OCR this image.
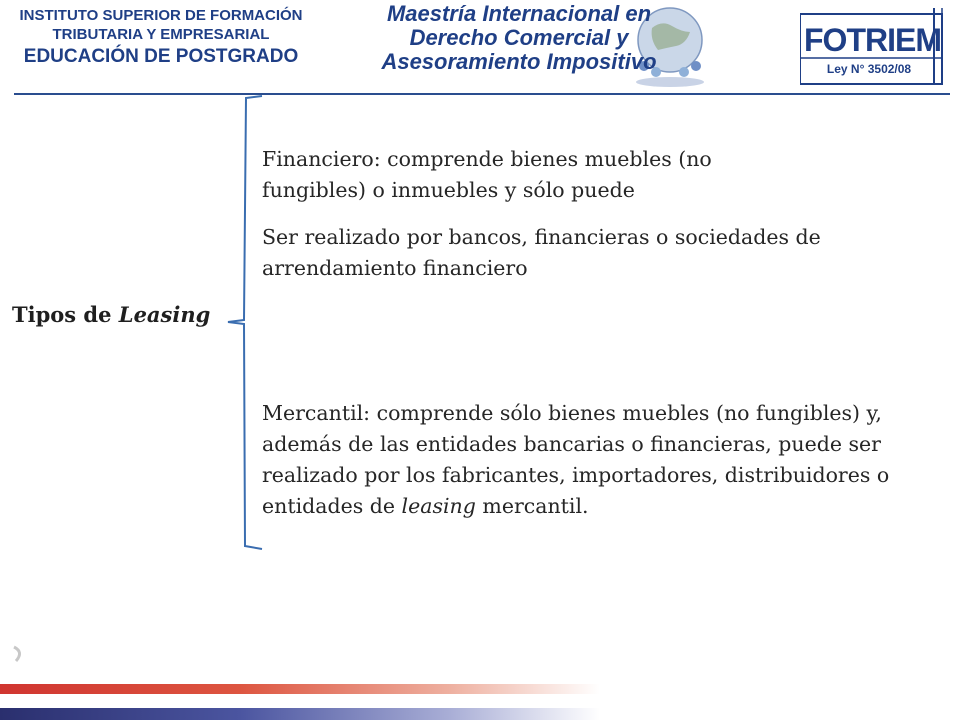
INSTITUTO SUPERIOR DE FORMACIÓN
TRIBUTARIA Y EMPRESARIAL
EDUCACIÓN DE POSTGRADO
Maestría Internacional en
Derecho Comercial y
Asesoramiento Impositivo
FOTRIEM
Ley N° 3502/08
Tipos de Leasing
Financiero: comprende bienes muebles (no fungibles) o inmuebles y sólo puede
Ser realizado por bancos, financieras o sociedades de arrendamiento financiero
Mercantil: comprende sólo bienes muebles (no fungibles) y, además de las entidades bancarias o financieras, puede ser realizado por los fabricantes, importadores, distribuidores o entidades de leasing mercantil.
